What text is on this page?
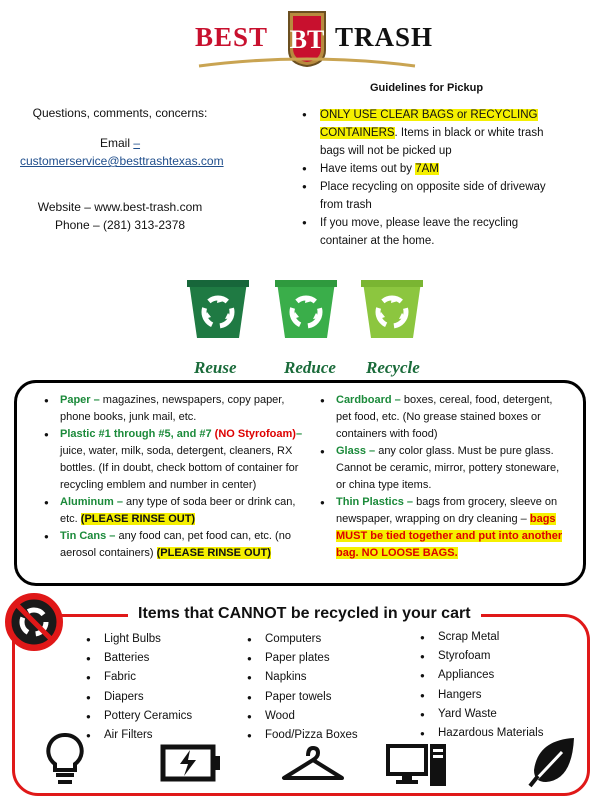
BEST BT TRASH
Questions, comments, concerns:
Email –
customerservice@besttrashtexas.com
Website – www.best-trash.com
Phone – (281) 313-2378
Guidelines for Pickup
● ONLY USE CLEAR BAGS or RECYCLING CONTAINERS. Items in black or white trash bags will not be picked up
● Have items out by 7AM
● Place recycling on opposite side of driveway from trash
● If you move, please leave the recycling container at the home.
Reuse	Reduce Recycle
● Paper – magazines, newspapers, copy paper, phone books, junk mail, etc.
● Plastic #1 through #5, and #7 (NO Styrofoam)– juice, water, milk, soda, detergent, cleaners, RX bottles. (If in doubt, check bottom of container for recycling emblem and number in center)
● Aluminum – any type of soda beer or drink can, etc. (PLEASE RINSE OUT)
● Tin Cans – any food can, pet food can, etc. (no aerosol containers) (PLEASE RINSE OUT)
● Cardboard – boxes, cereal, food, detergent, pet food, etc. (No grease stained boxes or containers with food)
● Glass – any color glass. Must be pure glass. Cannot be ceramic, mirror, pottery stoneware, or china type items.
● Thin Plastics – bags from grocery, sleeve on newspaper, wrapping on dry cleaning – bags MUST be tied together and put into another bag. NO LOOSE BAGS.
Items that CANNOT be recycled in your cart
● Light Bulbs
● Batteries
● Fabric
● Diapers
● Pottery Ceramics
● Air Filters
● Computers
● Paper plates
● Napkins
● Paper towels
● Wood
● Food/Pizza Boxes
● Scrap Metal
● Styrofoam
● Appliances
● Hangers
● Yard Waste
● Hazardous Materials
